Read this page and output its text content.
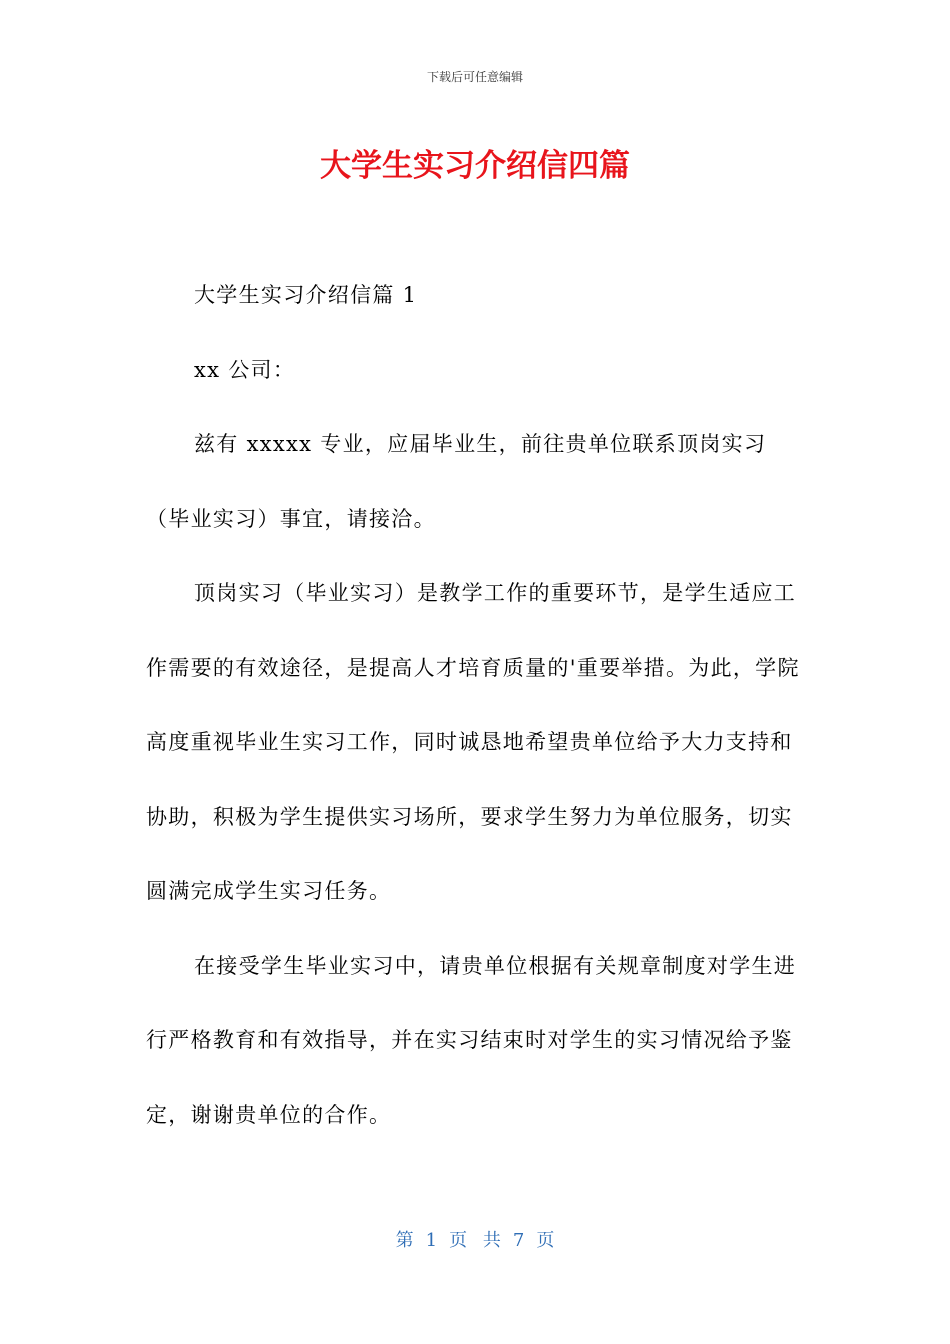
下载后可任意编辑
大学生实习介绍信四篇

大学生实习介绍信篇 1

xx 公司：

兹有 xxxxx 专业，应届毕业生，前往贵单位联系顶岗实习（毕业实习）事宜，请接洽。

顶岗实习（毕业实习）是教学工作的重要环节，是学生适应工作需要的有效途径，是提高人才培育质量的'重要举措。为此，学院高度重视毕业生实习工作，同时诚恳地希望贵单位给予大力支持和协助，积极为学生提供实习场所，要求学生努力为单位服务，切实圆满完成学生实习任务。

在接受学生毕业实习中，请贵单位根据有关规章制度对学生进行严格教育和有效指导，并在实习结束时对学生的实习情况给予鉴定，谢谢贵单位的合作。

第 1 页 共 7 页
